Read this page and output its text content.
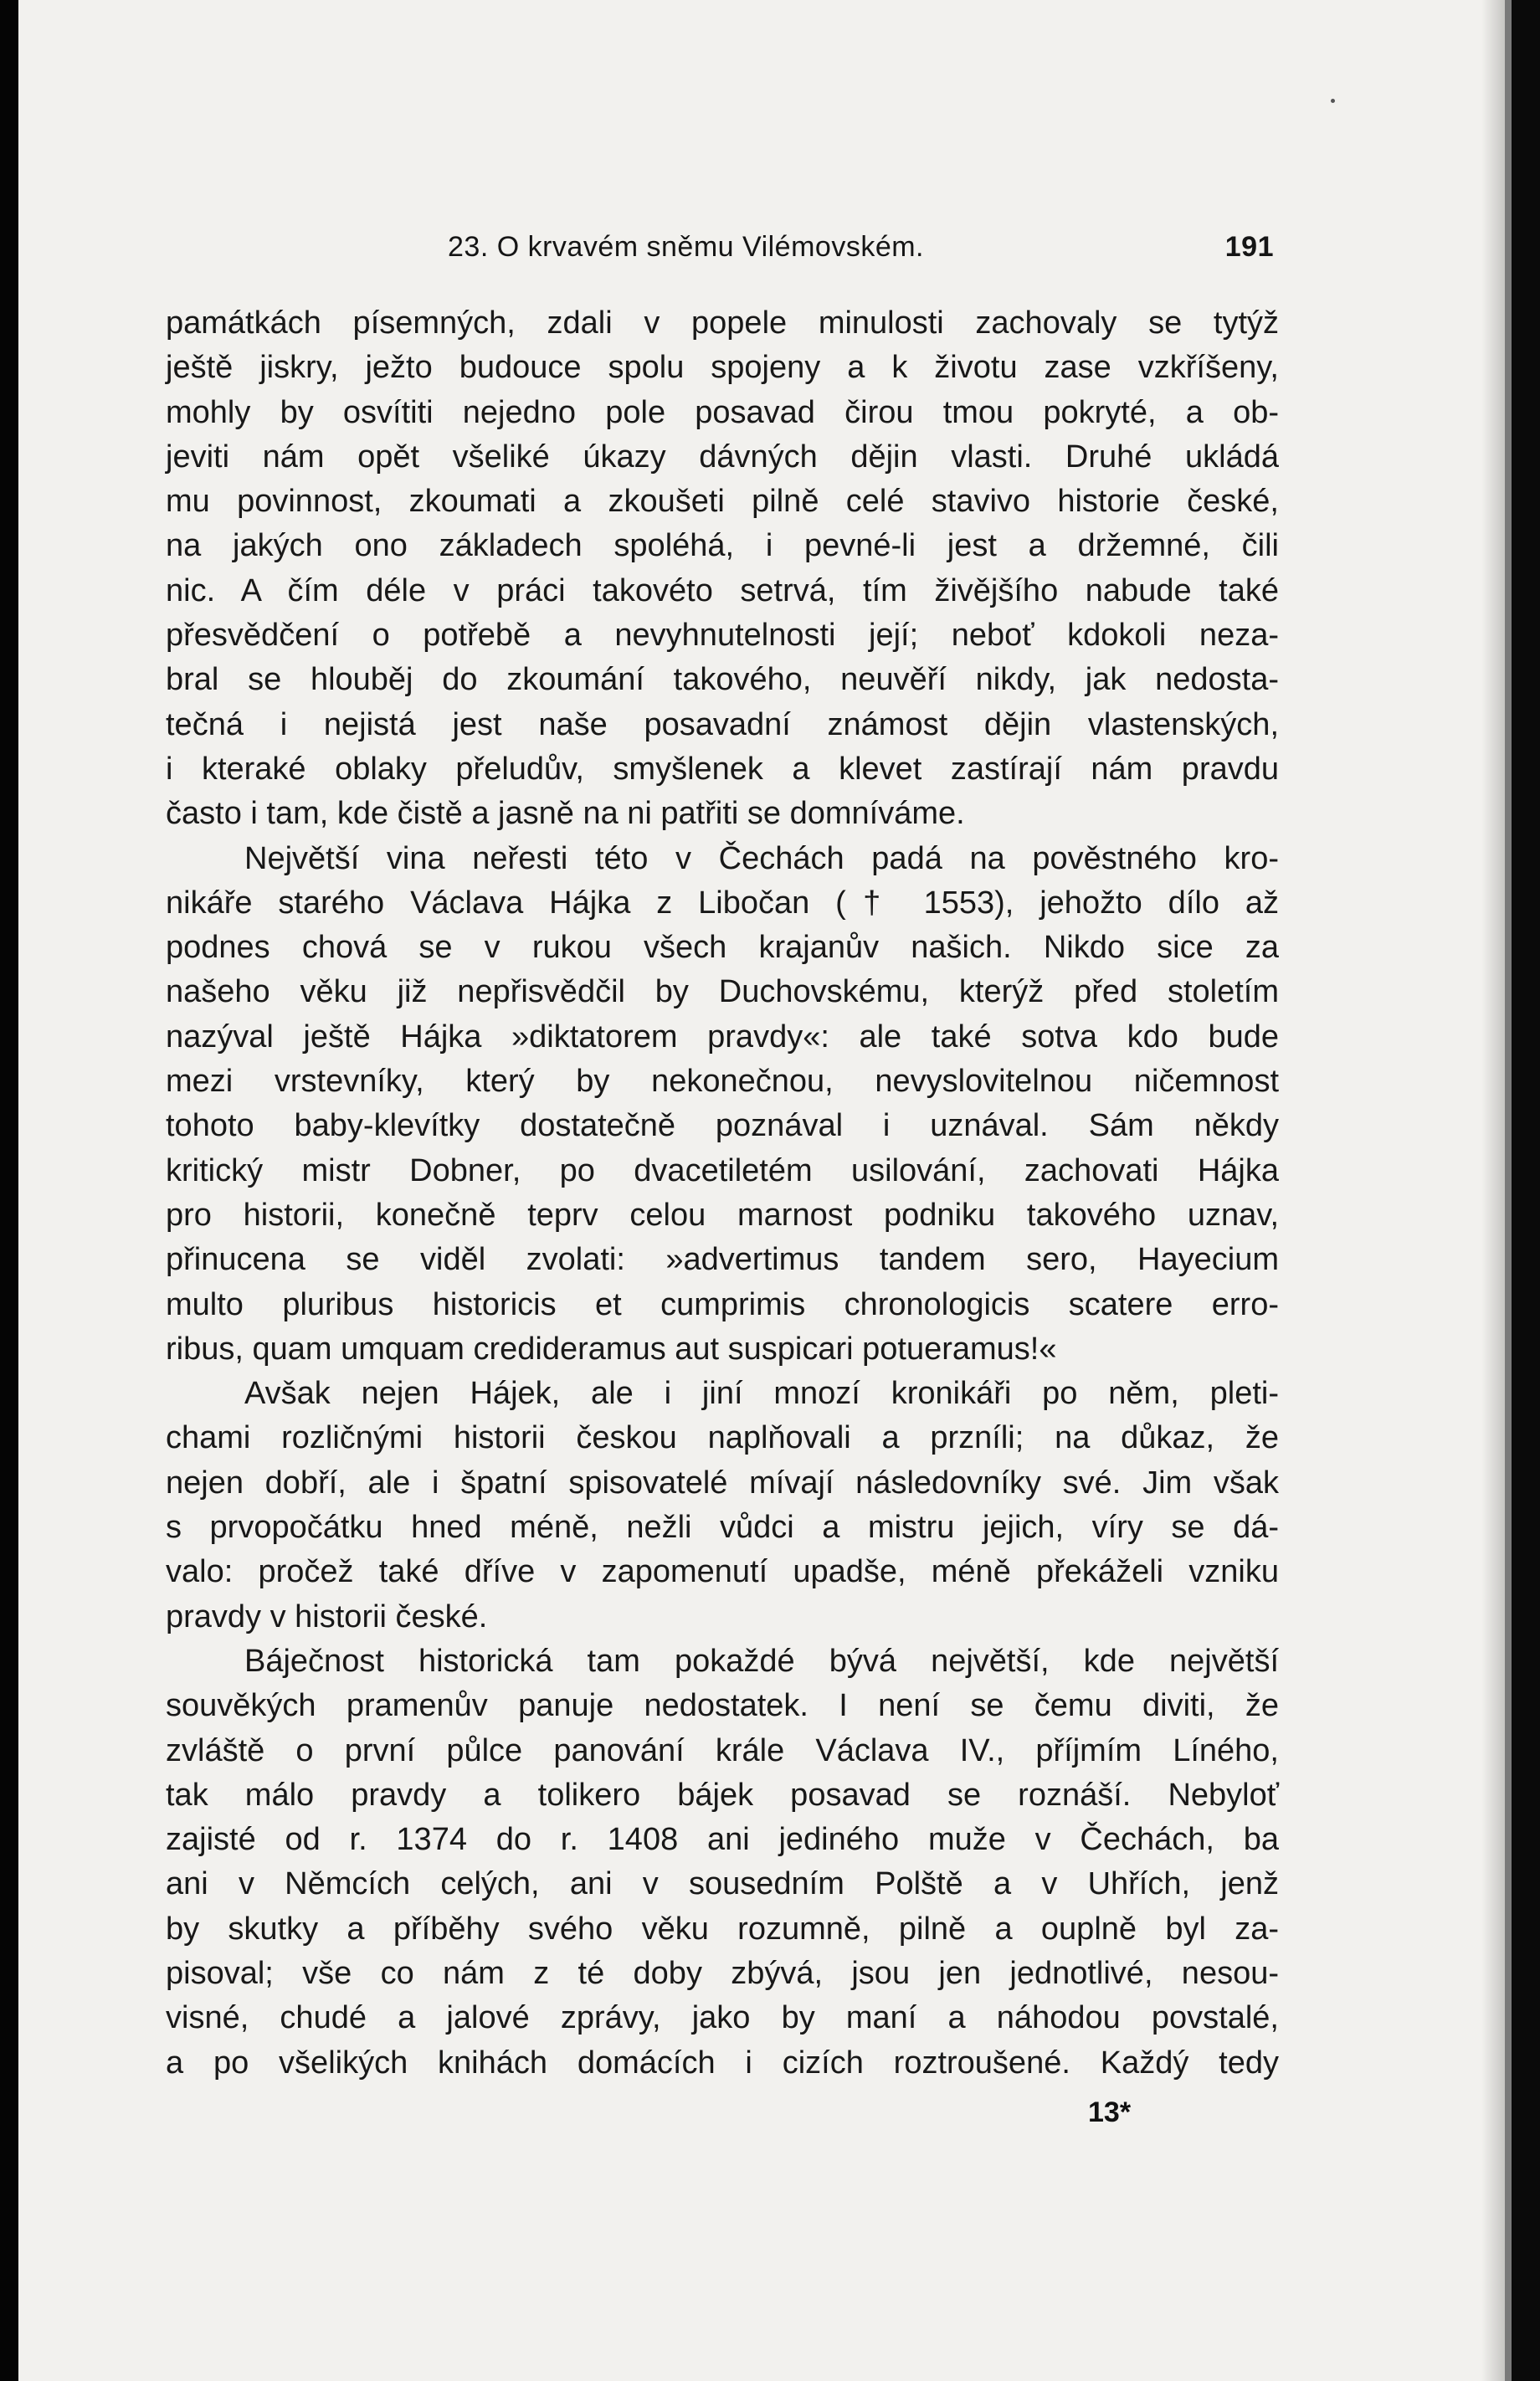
23. O krvavém sněmu Vilémovském.	191
památkách písemných, zdali v popele minulosti zachovaly se tytýž
ještě jiskry, ježto budouce spolu spojeny a k životu zase vzkříšeny,
mohly by osvítiti nejedno pole posavad čirou tmou pokryté, a ob-
jeviti nám opět všeliké úkazy dávných dějin vlasti. Druhé ukládá
mu povinnost, zkoumati a zkoušeti pilně celé stavivo historie české,
na jakých ono základech spoléhá, i pevné-li jest a držemné, čili
nic. A čím déle v práci takovéto setrvá, tím živějšího nabude také
přesvědčení o potřebě a nevyhnutelnosti její; neboť kdokoli neza-
bral se hlouběj do zkoumání takového, neuvěří nikdy, jak nedosta-
tečná i nejistá jest naše posavadní známost dějin vlastenských,
i kteraké oblaky přeludův, smyšlenek a klevet zastírají nám pravdu
často i tam, kde čistě a jasně na ni patřiti se domníváme.
Největší vina neřesti této v Čechách padá na pověstného kro-
nikáře starého Václava Hájka z Libočan († 1553), jehožto dílo až
podnes chová se v rukou všech krajanův našich. Nikdo sice za
našeho věku již nepřisvědčil by Duchovskému, kterýž před stoletím
nazýval ještě Hájka »diktatorem pravdy«: ale také sotva kdo bude
mezi vrstevníky, který by nekonečnou, nevyslovitelnou ničemnost
tohoto baby-klevítky dostatečně poznával i uznával. Sám někdy
kritický mistr Dobner, po dvacetiletém usilování, zachovati Hájka
pro historii, konečně teprv celou marnost podniku takového uznav,
přinucena se viděl zvolati: »advertimus tandem sero, Hayecium
multo pluribus historicis et cumprimis chronologicis scatere erro-
ribus, quam umquam credideramus aut suspicari potueramus!«
Avšak nejen Hájek, ale i jiní mnozí kronikáři po něm, pleti-
chami rozličnými historii českou naplňovali a przníli; na důkaz, že
nejen dobří, ale i špatní spisovatelé mívají následovníky své. Jim však
s prvopočátku hned méně, nežli vůdci a mistru jejich, víry se dá-
valo: pročež také dříve v zapomenutí upadše, méně překáželi vzniku
pravdy v historii české.
Báječnost historická tam pokaždé bývá největší, kde největší
souvěkých pramenův panuje nedostatek. I není se čemu diviti, že
zvláště o první půlce panování krále Václava IV., příjmím Líného,
tak málo pravdy a tolikero bájek posavad se roznáší. Nebyloť
zajisté od r. 1374 do r. 1408 ani jediného muže v Čechách, ba
ani v Němcích celých, ani v sousedním Polště a v Uhřích, jenž
by skutky a příběhy svého věku rozumně, pilně a ouplně byl za-
pisoval; vše co nám z té doby zbývá, jsou jen jednotlivé, nesou-
visné, chudé a jalové zprávy, jako by maní a náhodou povstalé,
a po všelikých knihách domácích i cizích roztroušené. Každý tedy
13*
